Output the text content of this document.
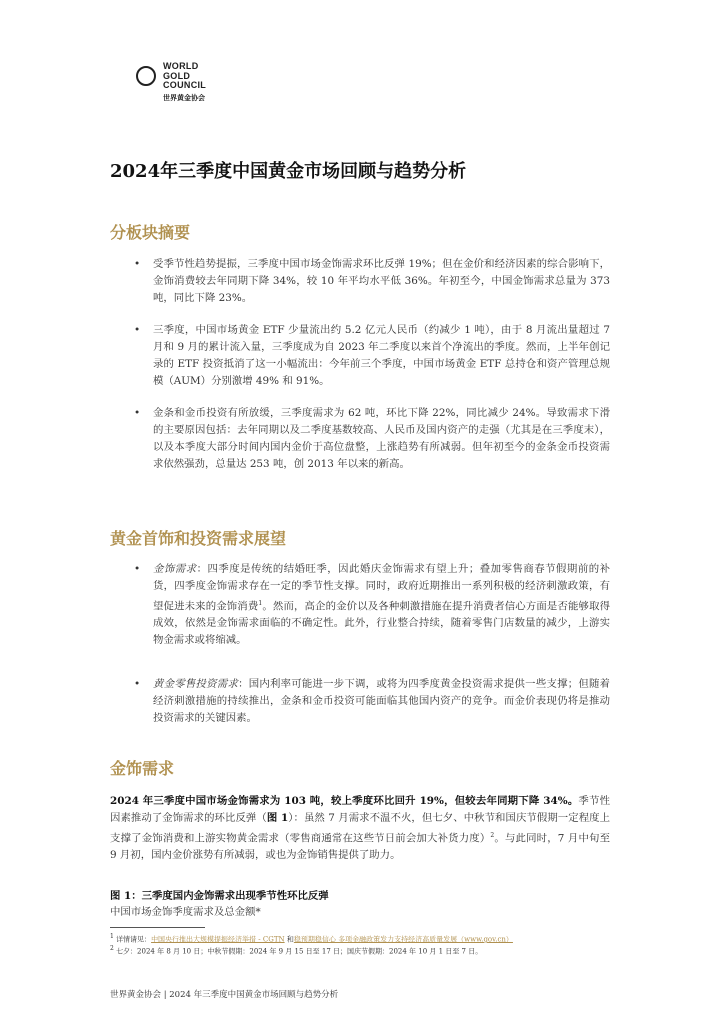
WORLD
GOLD
COUNCIL
世界黄金协会
2024年三季度中国黄金市场回顾与趋势分析
分板块摘要
• 受季节性趋势提振，三季度中国市场金饰需求环比反弹 19%；但在金价和经济因素的综合影响下，金饰消费较去年同期下降 34%，较 10 年平均水平低 36%。年初至今，中国金饰需求总量为 373 吨，同比下降 23%。
• 三季度，中国市场黄金 ETF 少量流出约 5.2 亿元人民币（约减少 1 吨），由于 8 月流出量超过 7 月和 9 月的累计流入量，三季度成为自 2023 年二季度以来首个净流出的季度。然而，上半年创记录的 ETF 投资抵消了这一小幅流出：今年前三个季度，中国市场黄金 ETF 总持仓和资产管理总规模（AUM）分别激增 49% 和 91%。
• 金条和金币投资有所放缓，三季度需求为 62 吨，环比下降 22%，同比减少 24%。导致需求下滑的主要原因包括：去年同期以及二季度基数较高、人民币及国内资产的走强（尤其是在三季度末），以及本季度大部分时间内国内金价于高位盘整，上涨趋势有所减弱。但年初至今的金条金币投资需求依然强劲，总量达 253 吨，创 2013 年以来的新高。
黄金首饰和投资需求展望
• 金饰需求：四季度是传统的结婚旺季，因此婚庆金饰需求有望上升；叠加零售商春节假期前的补货，四季度金饰需求存在一定的季节性支撑。同时，政府近期推出一系列积极的经济刺激政策，有望促进未来的金饰消费$^1$。然而，高企的金价以及各种刺激措施在提升消费者信心方面是否能够取得成效，依然是金饰需求面临的不确定性。此外，行业整合持续，随着零售门店数量的减少，上游实物金需求或将缩减。
• 黄金零售投资需求：国内利率可能进一步下调，或将为四季度黄金投资需求提供一些支撑；但随着经济刺激措施的持续推出，金条和金币投资可能面临其他国内资产的竞争。而金价表现仍将是推动投资需求的关键因素。
金饰需求

2024 年三季度中国市场金饰需求为 103 吨，较上季度环比回升 19%，但较去年同期下降 34%。季节性因素推动了金饰需求的环比反弹（图 1）：虽然 7 月需求不温不火，但七夕、中秋节和国庆节假期一定程度上支撑了金饰消费和上游实物黄金需求（零售商通常在这些节日前会加大补货力度）$^2$。与此同时，7 月中旬至 9 月初，国内金价涨势有所减弱，或也为金饰销售提供了助力。

图 1：三季度国内金饰需求出现季节性环比反弹

中国市场金饰季度需求及总金额*

$^1$ 详情请见：中国央行推出大规模提振经济举措 - CGTN 和稳预期稳信心 多项金融政策发力支持经济高质量发展（www.gov.cn）

$^2$ 七夕：2024 年 8 月 10 日；中秋节假期：2024 年 9 月 15 日至 17 日；国庆节假期：2024 年 10 月 1 日至 7 日。

世界黄金协会 | 2024 年三季度中国黄金市场回顾与趋势分析
